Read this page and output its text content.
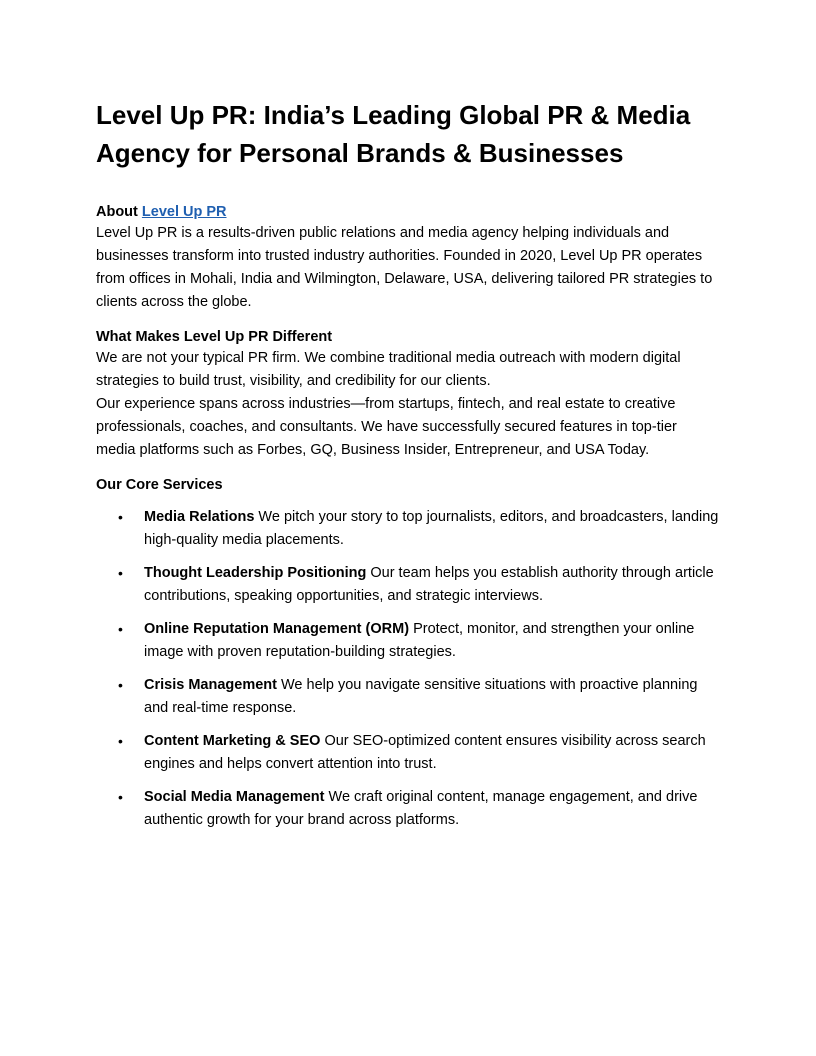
Level Up PR: India’s Leading Global PR & Media Agency for Personal Brands & Businesses
About Level Up PR

Level Up PR is a results-driven public relations and media agency helping individuals and businesses transform into trusted industry authorities. Founded in 2020, Level Up PR operates from offices in Mohali, India and Wilmington, Delaware, USA, delivering tailored PR strategies to clients across the globe.

What Makes Level Up PR Different

We are not your typical PR firm. We combine traditional media outreach with modern digital strategies to build trust, visibility, and credibility for our clients.

Our experience spans across industries—from startups, fintech, and real estate to creative professionals, coaches, and consultants. We have successfully secured features in top-tier media platforms such as Forbes, GQ, Business Insider, Entrepreneur, and USA Today.

Our Core Services
• Media Relations We pitch your story to top journalists, editors, and broadcasters, landing high-quality media placements.
• Thought Leadership Positioning Our team helps you establish authority through article contributions, speaking opportunities, and strategic interviews.
• Online Reputation Management (ORM) Protect, monitor, and strengthen your online image with proven reputation-building strategies.
• Crisis Management We help you navigate sensitive situations with proactive planning and real-time response.
• Content Marketing & SEO Our SEO-optimized content ensures visibility across search engines and helps convert attention into trust.
• Social Media Management We craft original content, manage engagement, and drive authentic growth for your brand across platforms.
